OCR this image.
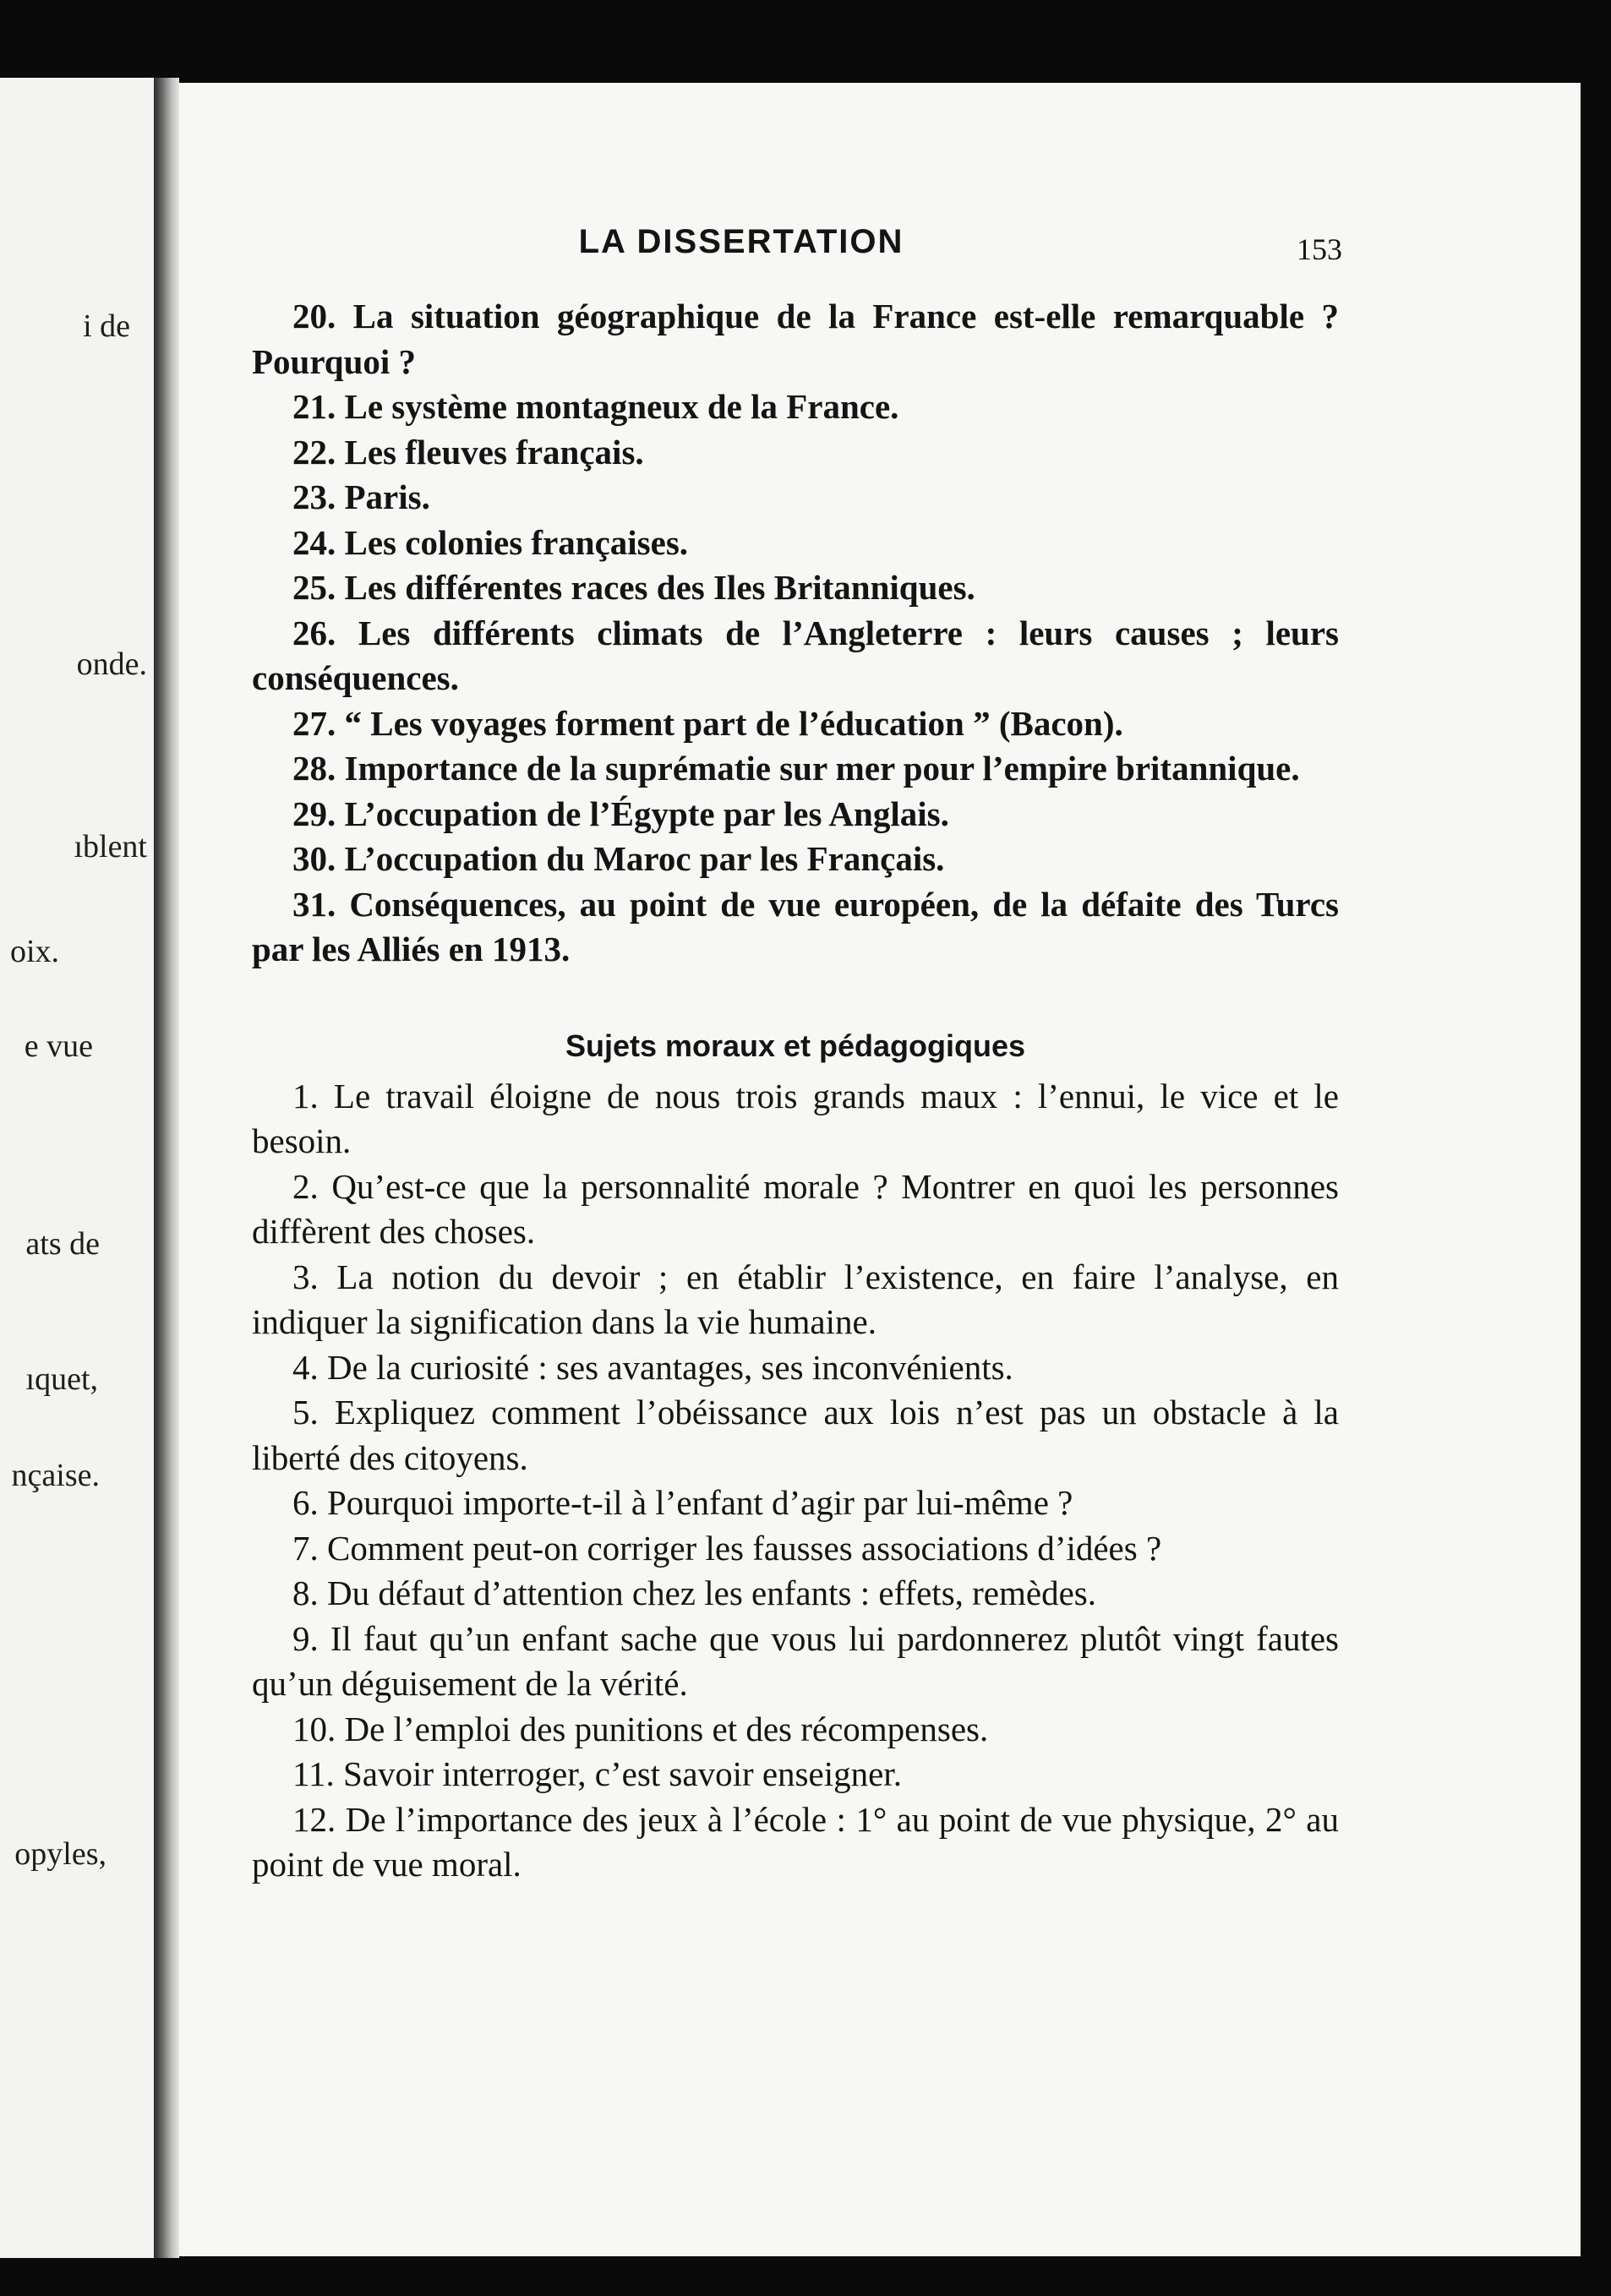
i de
onde.
ıblent
oix.
e vue
ats de
ıquet,
nçaise.
opyles,
LA DISSERTATION	153

20. La situation géographique de la France est-elle remarquable ? Pourquoi ?

21. Le système montagneux de la France.

22. Les fleuves français.

23. Paris.

24. Les colonies françaises.

25. Les différentes races des Iles Britanniques.

26. Les différents climats de l’Angleterre : leurs causes ; leurs conséquences.

27. “ Les voyages forment part de l’éducation ” (Bacon).

28. Importance de la suprématie sur mer pour l’empire britannique.

29. L’occupation de l’Égypte par les Anglais.

30. L’occupation du Maroc par les Français.

31. Conséquences, au point de vue européen, de la défaite des Turcs par les Alliés en 1913.

Sujets moraux et pédagogiques

1. Le travail éloigne de nous trois grands maux : l’ennui, le vice et le besoin.

2. Qu’est-ce que la personnalité morale ? Montrer en quoi les personnes diffèrent des choses.

3. La notion du devoir ; en établir l’existence, en faire l’analyse, en indiquer la signification dans la vie humaine.

4. De la curiosité : ses avantages, ses inconvénients.

5. Expliquez comment l’obéissance aux lois n’est pas un obstacle à la liberté des citoyens.

6. Pourquoi importe-t-il à l’enfant d’agir par lui-même ?

7. Comment peut-on corriger les fausses associations d’idées ?

8. Du défaut d’attention chez les enfants : effets, remèdes.

9. Il faut qu’un enfant sache que vous lui pardonnerez plutôt vingt fautes qu’un déguisement de la vérité.

10. De l’emploi des punitions et des récompenses.

11. Savoir interroger, c’est savoir enseigner.

12. De l’importance des jeux à l’école : 1° au point de vue physique, 2° au point de vue moral.
